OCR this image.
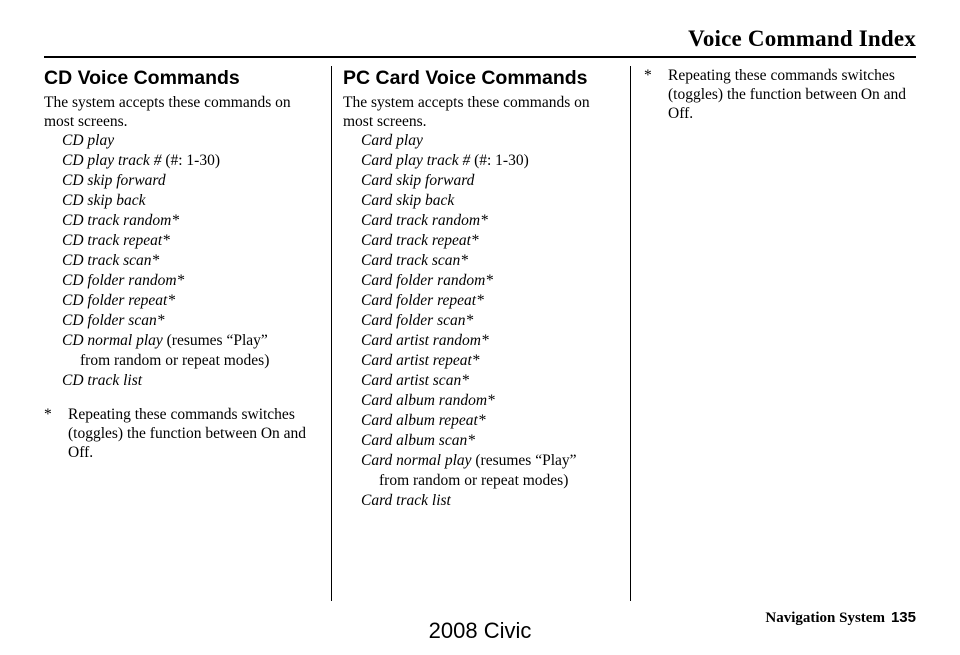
Voice Command Index
CD Voice Commands

The system accepts these commands on most screens.

CD play
CD play track # (#: 1-30)
CD skip forward
CD skip back
CD track random*
CD track repeat*
CD track scan*
CD folder random*
CD folder repeat*
CD folder scan*
CD normal play (resumes “Play”
from random or repeat modes)
CD track list
*	Repeating these commands switches (toggles) the function between On and Off.
PC Card Voice Commands

The system accepts these commands on most screens.

Card play
Card play track # (#: 1-30)
Card skip forward
Card skip back
Card track random*
Card track repeat*
Card track scan*
Card folder random*
Card folder repeat*
Card folder scan*
Card artist random*
Card artist repeat*
Card artist scan*
Card album random*
Card album repeat*
Card album scan*
Card normal play (resumes “Play”
from random or repeat modes)
Card track list
*	Repeating these commands switches (toggles) the function between On and Off.
Navigation System 135
2008 Civic
